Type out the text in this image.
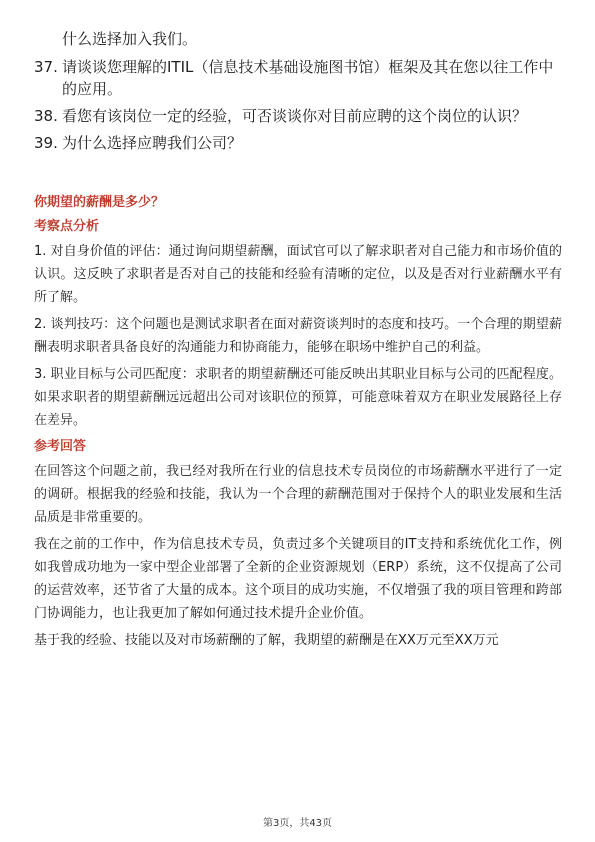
什么选择加入我们。
37. 请谈谈您理解的ITIL（信息技术基础设施图书馆）框架及其在您以往工作中的应用。
38. 看您有该岗位一定的经验，可否谈谈你对目前应聘的这个岗位的认识？
39. 为什么选择应聘我们公司？
你期望的薪酬是多少？
考察点分析
1. 对自身价值的评估：通过询问期望薪酬，面试官可以了解求职者对自己能力和市场价值的认识。这反映了求职者是否对自己的技能和经验有清晰的定位，以及是否对行业薪酬水平有所了解。
2. 谈判技巧：这个问题也是测试求职者在面对薪资谈判时的态度和技巧。一个合理的期望薪酬表明求职者具备良好的沟通能力和协商能力，能够在职场中维护自己的利益。
3. 职业目标与公司匹配度：求职者的期望薪酬还可能反映出其职业目标与公司的匹配程度。如果求职者的期望薪酬远远超出公司对该职位的预算，可能意味着双方在职业发展路径上存在差异。
参考回答
在回答这个问题之前，我已经对我所在行业的信息技术专员岗位的市场薪酬水平进行了一定的调研。根据我的经验和技能，我认为一个合理的薪酬范围对于保持个人的职业发展和生活品质是非常重要的。
我在之前的工作中，作为信息技术专员，负责过多个关键项目的IT支持和系统优化工作，例如我曾成功地为一家中型企业部署了全新的企业资源规划（ERP）系统，这不仅提高了公司的运营效率，还节省了大量的成本。这个项目的成功实施，不仅增强了我的项目管理和跨部门协调能力，也让我更加了解如何通过技术提升企业价值。
基于我的经验、技能以及对市场薪酬的了解，我期望的薪酬是在XX万元至XX万元
第3页，共43页
